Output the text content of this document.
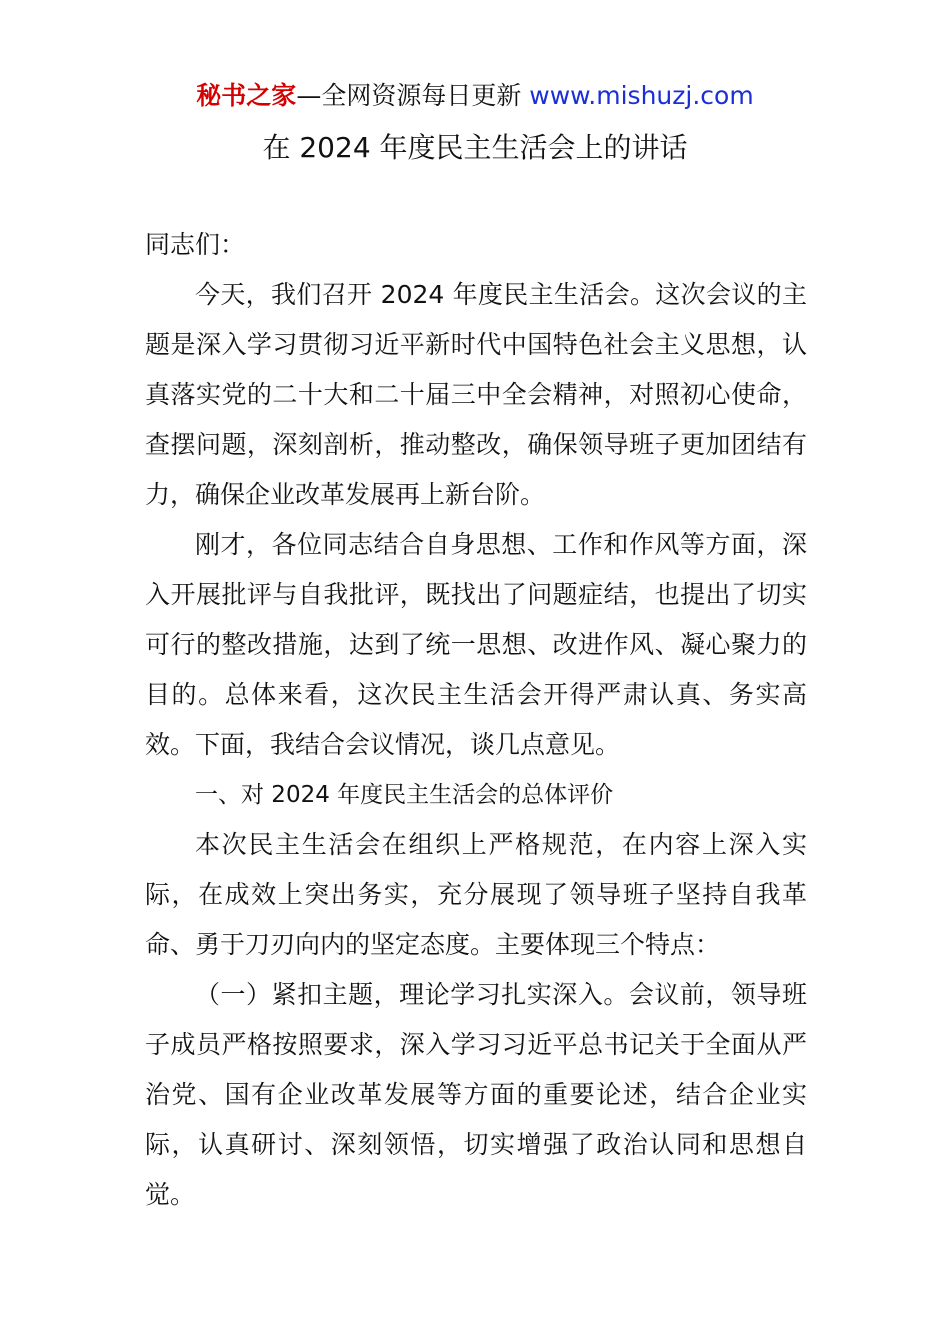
秘书之家—全网资源每日更新 www.mishuzj.com
在 2024 年度民主生活会上的讲话

同志们：

今天，我们召开 2024 年度民主生活会。这次会议的主题是深入学习贯彻习近平新时代中国特色社会主义思想，认真落实党的二十大和二十届三中全会精神，对照初心使命，查摆问题，深刻剖析，推动整改，确保领导班子更加团结有力，确保企业改革发展再上新台阶。

刚才，各位同志结合自身思想、工作和作风等方面，深入开展批评与自我批评，既找出了问题症结，也提出了切实可行的整改措施，达到了统一思想、改进作风、凝心聚力的目的。总体来看，这次民主生活会开得严肃认真、务实高效。下面，我结合会议情况，谈几点意见。

一、对 2024 年度民主生活会的总体评价

本次民主生活会在组织上严格规范，在内容上深入实际，在成效上突出务实，充分展现了领导班子坚持自我革命、勇于刀刃向内的坚定态度。主要体现三个特点：

（一）紧扣主题，理论学习扎实深入。会议前，领导班子成员严格按照要求，深入学习习近平总书记关于全面从严治党、国有企业改革发展等方面的重要论述，结合企业实际，认真研讨、深刻领悟，切实增强了政治认同和思想自觉。
